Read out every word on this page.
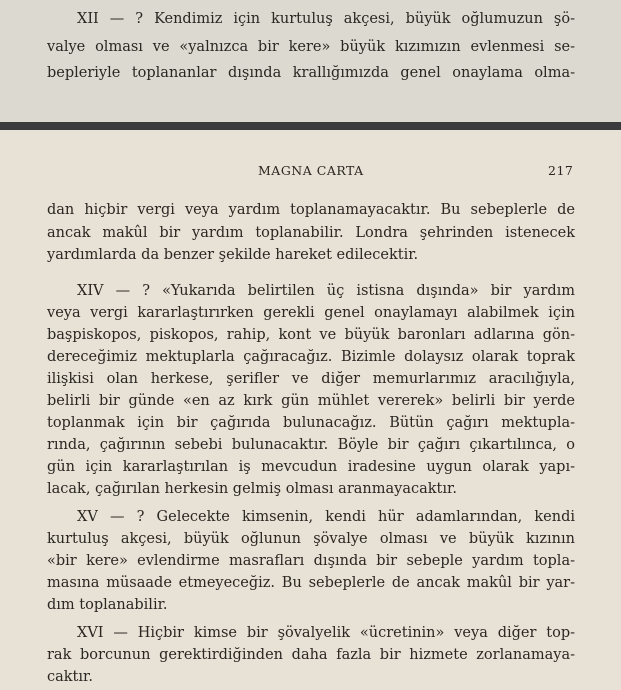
XII — ? Kendimiz için kurtuluş akçesi, büyük oğlumuzun şö-
valye olması ve «yalnızca bir kere» büyük kızımızın evlenmesi se-
bepleriyle toplananlar dışında krallığımızda genel onaylama olma-
MAGNA CARTA	217
dan hiçbir vergi veya yardım toplanamayacaktır. Bu sebeplerle de
ancak makûl bir yardım toplanabilir. Londra şehrinden istenecek
yardımlarda da benzer şekilde hareket edilecektir.
XIV — ? «Yukarıda belirtilen üç istisna dışında» bir yardım
veya vergi kararlaştırırken gerekli genel onaylamayı alabilmek için
başpiskopos, piskopos, rahip, kont ve büyük baronları adlarına gön-
dereceğimiz mektuplarla çağıracağız. Bizimle dolaysız olarak toprak
ilişkisi olan herkese, şerifler ve diğer memurlarımız aracılığıyla,
belirli bir günde «en az kırk gün mühlet vererek» belirli bir yerde
toplanmak için bir çağırıda bulunacağız. Bütün çağırı mektupla-
rında, çağırının sebebi bulunacaktır. Böyle bir çağırı çıkartılınca, o
gün için kararlaştırılan iş mevcudun iradesine uygun olarak yapı-
lacak, çağırılan herkesin gelmiş olması aranmayacaktır.
XV — ? Gelecekte kimsenin, kendi hür adamlarından, kendi
kurtuluş akçesi, büyük oğlunun şövalye olması ve büyük kızının
«bir kere» evlendirme masrafları dışında bir sebeple yardım topla-
masına müsaade etmeyeceğiz. Bu sebeplerle de ancak makûl bir yar-
dım toplanabilir.
XVI — Hiçbir kimse bir şövalyelik «ücretinin» veya diğer top-
rak borcunun gerektirdiğinden daha fazla bir hizmete zorlanamaya-
caktır.
